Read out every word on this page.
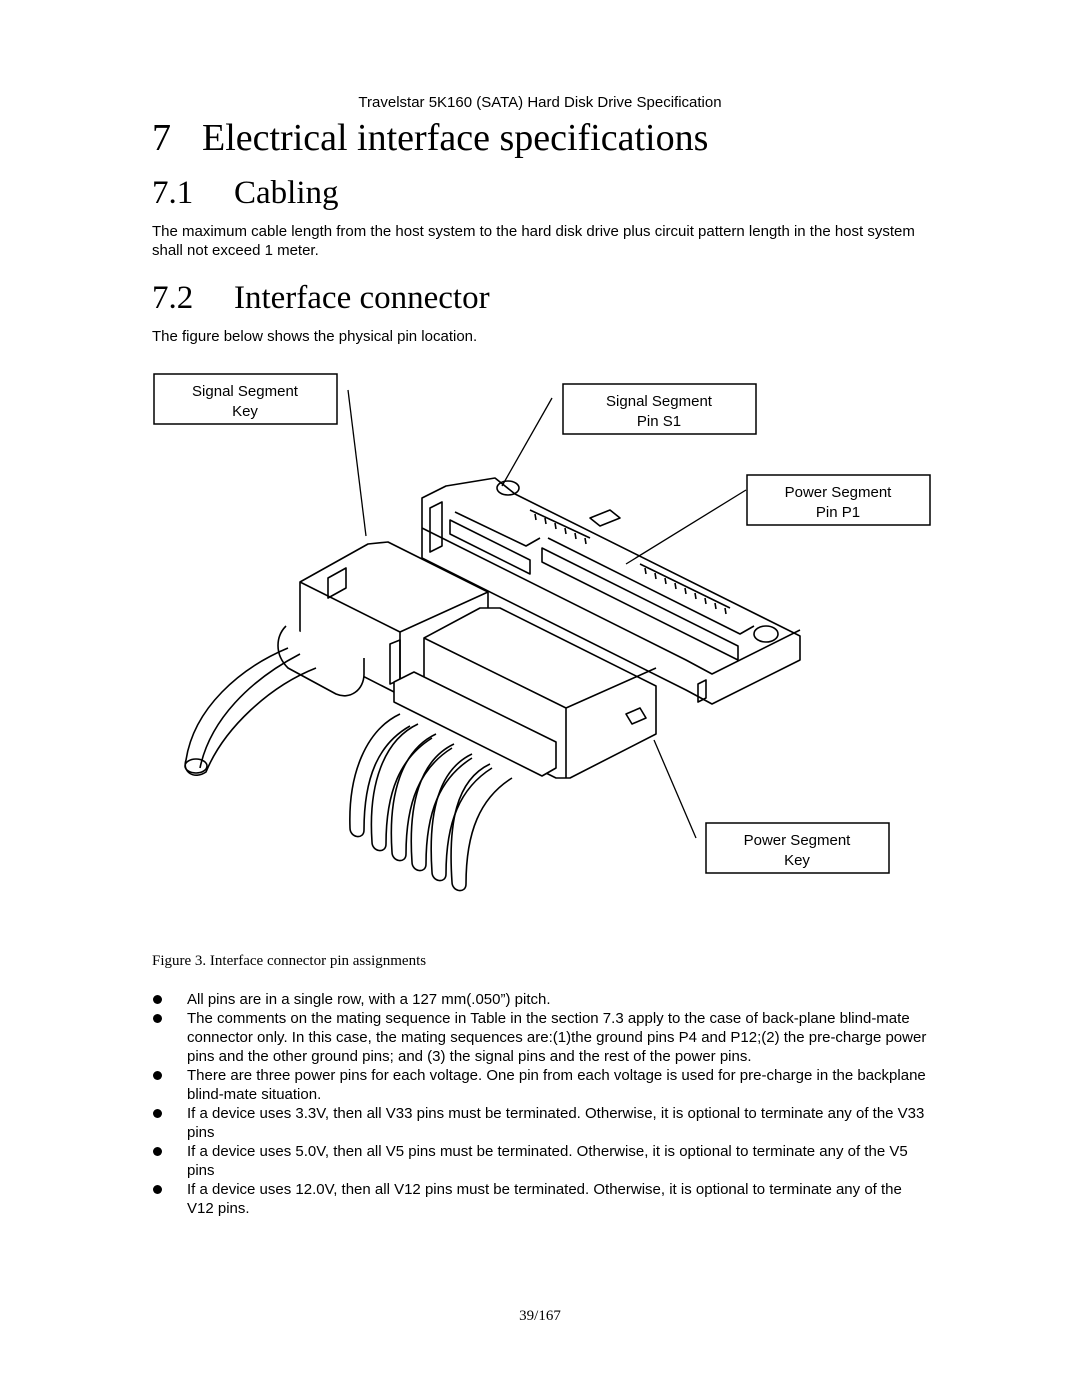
Travelstar 5K160 (SATA) Hard Disk Drive Specification
7 Electrical interface specifications
7.1 Cabling
The maximum cable length from the host system to the hard disk drive plus circuit pattern length in the host system shall not exceed 1 meter.
7.2 Interface connector
The figure below shows the physical pin location.
Signal Segment
Key
Signal Segment
Pin S1
Power Segment
Pin P1
Power Segment
Key
Figure 3. Interface connector pin assignments
All pins are in a single row, with a 127 mm(.050”) pitch.
The comments on the mating sequence in Table in the section 7.3 apply to the case of back-plane blind-mate connector only. In this case, the mating sequences are:(1)the ground pins P4 and P12;(2) the pre-charge power pins and the other ground pins; and (3) the signal pins and the rest of the power pins.
There are three power pins for each voltage. One pin from each voltage is used for pre-charge in the backplane blind-mate situation.
If a device uses 3.3V, then all V33 pins must be terminated. Otherwise, it is optional to terminate any of the V33 pins
If a device uses 5.0V, then all V5 pins must be terminated. Otherwise, it is optional to terminate any of the V5 pins
If a device uses 12.0V, then all V12 pins must be terminated. Otherwise, it is optional to terminate any of the V12 pins.
39/167
